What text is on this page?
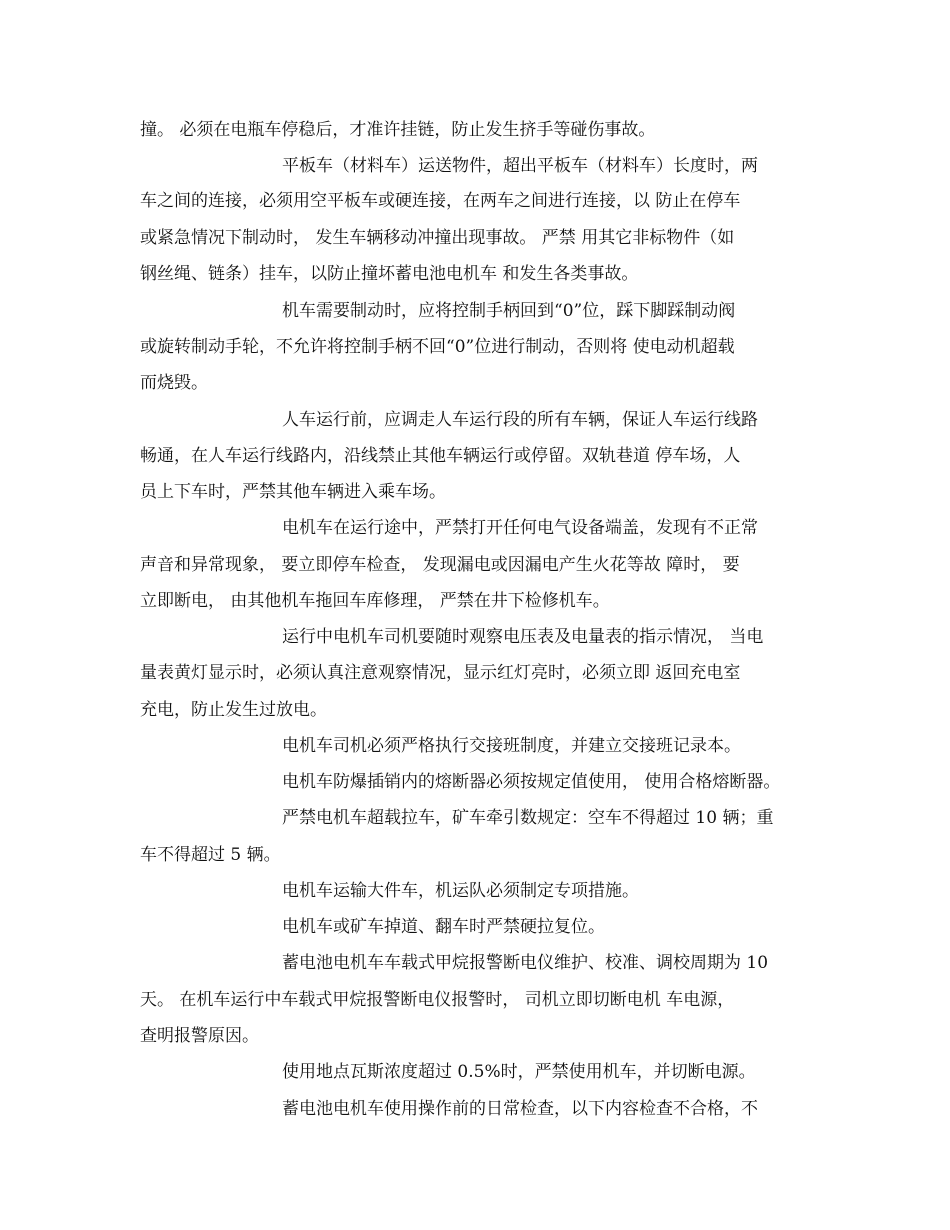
撞。 必须在电瓶车停稳后，才准许挂链，防止发生挤手等碰伤事故。
平板车（材料车）运送物件，超出平板车（材料车）长度时，两
车之间的连接，必须用空平板车或硬连接，在两车之间进行连接，以 防止在停车
或紧急情况下制动时， 发生车辆移动冲撞出现事故。 严禁 用其它非标物件（如
钢丝绳、链条）挂车，以防止撞坏蓄电池电机车 和发生各类事故。
机车需要制动时，应将控制手柄回到“0”位，踩下脚踩制动阀
或旋转制动手轮，不允许将控制手柄不回“0”位进行制动，否则将 使电动机超载
而烧毁。
人车运行前，应调走人车运行段的所有车辆，保证人车运行线路
畅通，在人车运行线路内，沿线禁止其他车辆运行或停留。双轨巷道 停车场，人
员上下车时，严禁其他车辆进入乘车场。
电机车在运行途中，严禁打开任何电气设备端盖，发现有不正常
声音和异常现象， 要立即停车检查， 发现漏电或因漏电产生火花等故 障时， 要
立即断电， 由其他机车拖回车库修理， 严禁在井下检修机车。
运行中电机车司机要随时观察电压表及电量表的指示情况， 当电
量表黄灯显示时，必须认真注意观察情况，显示红灯亮时，必须立即 返回充电室
充电，防止发生过放电。
电机车司机必须严格执行交接班制度，并建立交接班记录本。
电机车防爆插销内的熔断器必须按规定值使用， 使用合格熔断器。
严禁电机车超载拉车，矿车牵引数规定：空车不得超过 10 辆；重
车不得超过 5 辆。
电机车运输大件车，机运队必须制定专项措施。
电机车或矿车掉道、翻车时严禁硬拉复位。
蓄电池电机车车载式甲烷报警断电仪维护、校准、调校周期为 10
天。 在机车运行中车载式甲烷报警断电仪报警时， 司机立即切断电机 车电源，
查明报警原因。
使用地点瓦斯浓度超过 0.5%时，严禁使用机车，并切断电源。
蓄电池电机车使用操作前的日常检查，以下内容检查不合格，不
